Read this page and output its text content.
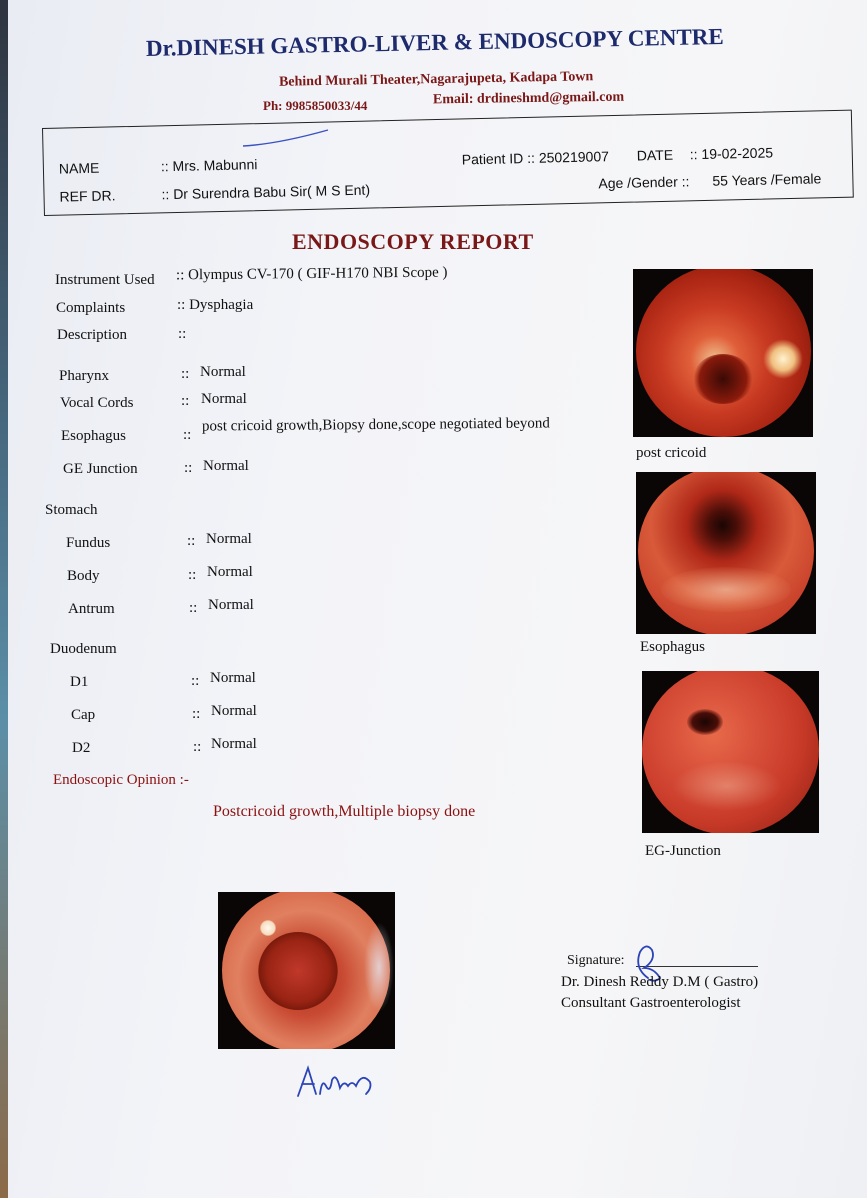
Dr.DINESH GASTRO-LIVER & ENDOSCOPY CENTRE
Behind Murali Theater,Nagarajupeta, Kadapa Town
Ph: 9985850033/44	Email: drdineshmd@gmail.com
NAME	:: Mrs. Mabunni
REF DR.	:: Dr Surendra Babu Sir( M S Ent)
Patient ID :: 250219007 DATE :: 19-02-2025
Age /Gender :: 55 Years /Female
ENDOSCOPY REPORT
Instrument Used :: Olympus CV-170 ( GIF-H170 NBI Scope )
Complaints	:: Dysphagia
Description	::
Pharynx	:: Normal
Vocal Cords	:: Normal
Esophagus	::
post cricoid growth,Biopsy done,scope negotiated beyond
GE Junction	:: Normal
Stomach
Fundus	:: Normal
Body	:: Normal
Antrum	:: Normal
Duodenum
D1	:: Normal
Cap	:: Normal
D2	:: Normal
Endoscopic Opinion :-
Postcricoid growth,Multiple biopsy done
post cricoid
Esophagus
EG-Junction
Signature:
Dr. Dinesh Reddy D.M ( Gastro)
Consultant Gastroenterologist
